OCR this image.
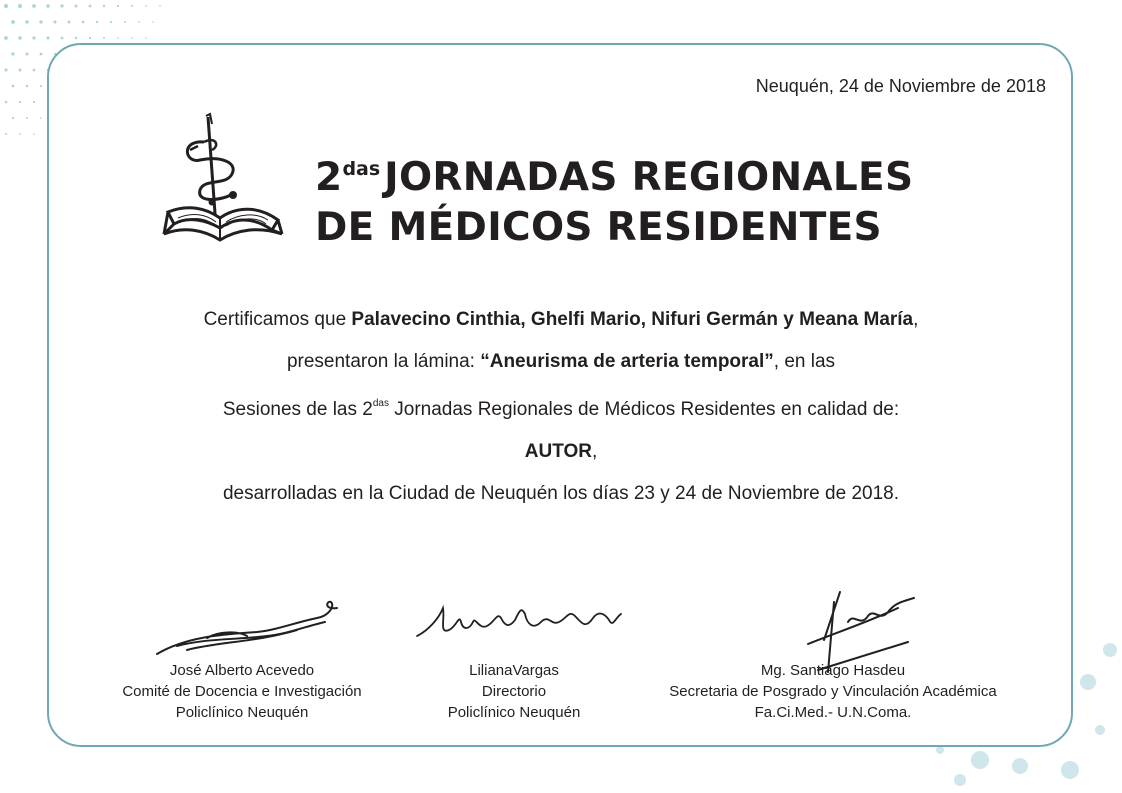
Neuquén, 24 de Noviembre de 2018
$2^{das}$ JORNADAS REGIONALES
DE MÉDICOS RESIDENTES

Certificamos que Palavecino Cinthia, Ghelfi Mario, Nifuri Germán y Meana María,

presentaron la lámina: “Aneurisma de arteria temporal”, en las

Sesiones de las $2^{das}$ Jornadas Regionales de Médicos Residentes en calidad de:

AUTOR,

desarrolladas en la Ciudad de Neuquén los días 23 y 24 de Noviembre de 2018.

José Alberto Acevedo
Comité de Docencia e Investigación
Policlínico Neuquén
LilianaVargas
Directorio
Policlínico Neuquén
Mg. Santiago Hasdeu
Secretaria de Posgrado y Vinculación Académica
Fa.Ci.Med.- U.N.Coma.
